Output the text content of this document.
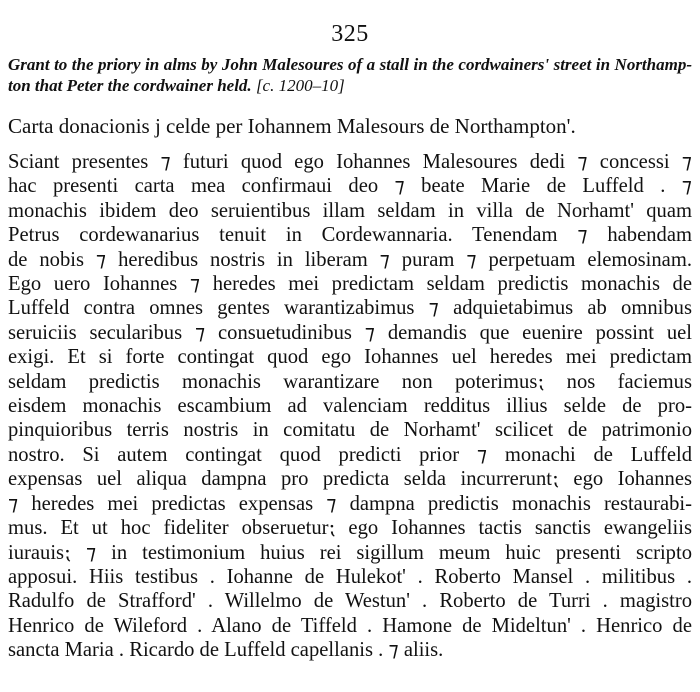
325
Grant to the priory in alms by John Malesoures of a stall in the cordwainers' street in Northamp-
ton that Peter the cordwainer held. [c. 1200–10]
Carta donacionis j celde per Iohannem Malesours de Northampton'.
Sciant presentes ⁊ futuri quod ego Iohannes Malesoures dedi ⁊ concessi ⁊
hac presenti carta mea confirmaui deo ⁊ beate Marie de Luffeld . ⁊
monachis ibidem deo seruientibus illam seldam in villa de Norhamt' quam
Petrus cordewanarius tenuit in Cordewannaria. Tenendam ⁊ habendam
de nobis ⁊ heredibus nostris in liberam ⁊ puram ⁊ perpetuam elemosinam.
Ego uero Iohannes ⁊ heredes mei predictam seldam predictis monachis de
Luffeld contra omnes gentes warantizabimus ⁊ adquietabimus ab omnibus
seruiciis secularibus ⁊ consuetudinibus ⁊ demandis que euenire possint uel
exigi. Et si forte contingat quod ego Iohannes uel heredes mei predictam
seldam predictis monachis warantizare non poterimus⁏ nos faciemus
eisdem monachis escambium ad valenciam redditus illius selde de pro-
pinquioribus terris nostris in comitatu de Norhamt' scilicet de patrimonio
nostro. Si autem contingat quod predicti prior ⁊ monachi de Luffeld
expensas uel aliqua dampna pro predicta selda incurrerunt⁏ ego Iohannes
⁊ heredes mei predictas expensas ⁊ dampna predictis monachis restaurabi-
mus. Et ut hoc fideliter obseruetur⁏ ego Iohannes tactis sanctis ewangeliis
iurauis⁏ ⁊ in testimonium huius rei sigillum meum huic presenti scripto
apposui. Hiis testibus . Iohanne de Hulekot' . Roberto Mansel . militibus .
Radulfo de Strafford' . Willelmo de Westun' . Roberto de Turri . magistro
Henrico de Wileford . Alano de Tiffeld . Hamone de Mideltun' . Henrico de
sancta Maria . Ricardo de Luffeld capellanis . ⁊ aliis.
